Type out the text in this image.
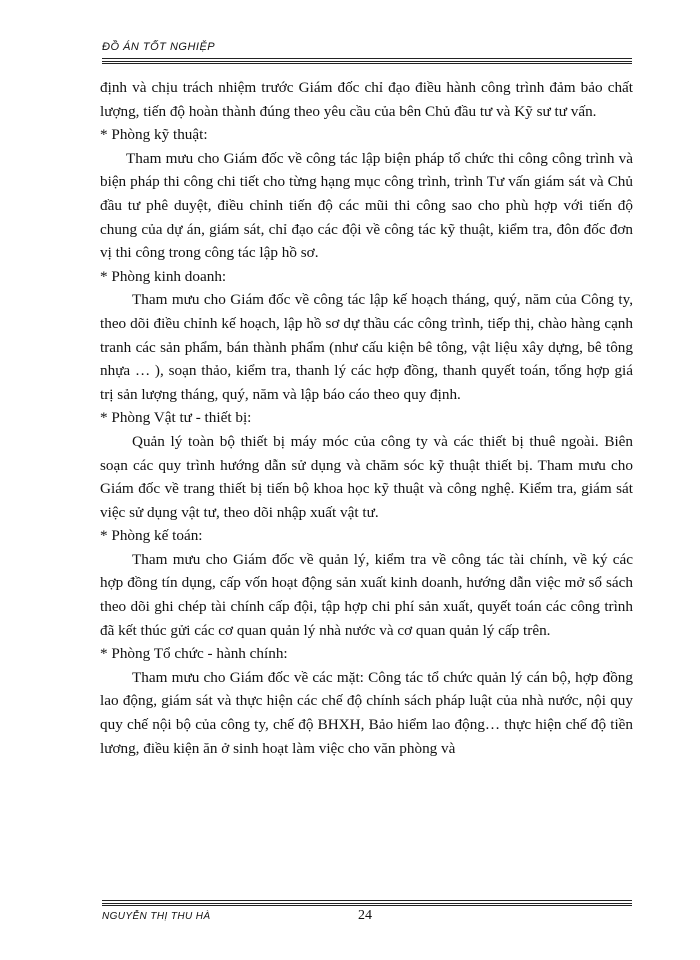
ĐỒ ÁN TỐT NGHIỆP

định và chịu trách nhiệm trước Giám đốc chỉ đạo điều hành công trình đảm bảo chất lượng, tiến độ hoàn thành đúng theo yêu cầu của bên Chủ đầu tư và Kỹ sư tư vấn.

* Phòng kỹ thuật:

Tham mưu cho Giám đốc về công tác lập biện pháp tổ chức thi công công trình và biện pháp thi công chi tiết cho từng hạng mục công trình, trình Tư vấn giám sát và Chủ đầu tư phê duyệt, điều chỉnh tiến độ các mũi thi công sao cho phù hợp với tiến độ chung của dự án, giám sát, chỉ đạo các đội về công tác kỹ thuật, kiểm tra, đôn đốc đơn vị thi công trong công tác lập hồ sơ.

* Phòng kinh doanh:

Tham mưu cho Giám đốc về công tác lập kế hoạch tháng, quý, năm của Công ty, theo dõi điều chỉnh kế hoạch, lập hồ sơ dự thầu các công trình, tiếp thị, chào hàng cạnh tranh các sản phẩm, bán thành phẩm (như cấu kiện bê tông, vật liệu xây dựng, bê tông nhựa … ), soạn thảo, kiểm tra, thanh lý các hợp đồng, thanh quyết toán, tổng hợp giá trị sản lượng tháng, quý, năm và lập báo cáo theo quy định.

* Phòng Vật tư - thiết bị:

Quản lý toàn bộ thiết bị máy móc của công ty và các thiết bị thuê ngoài. Biên soạn các quy trình hướng dẫn sử dụng và chăm sóc kỹ thuật thiết bị. Tham mưu cho Giám đốc về trang thiết bị tiến bộ khoa học kỹ thuật và công nghệ. Kiểm tra, giám sát việc sử dụng vật tư, theo dõi nhập xuất vật tư.

* Phòng kế toán:

Tham mưu cho Giám đốc về quản lý, kiểm tra về công tác tài chính, về ký các hợp đồng tín dụng, cấp vốn hoạt động sản xuất kinh doanh, hướng dẫn việc mở sổ sách theo dõi ghi chép tài chính cấp đội, tập hợp chi phí sản xuất, quyết toán các công trình đã kết thúc gửi các cơ quan quản lý nhà nước và cơ quan quản lý cấp trên.

* Phòng Tổ chức - hành chính:

Tham mưu cho Giám đốc về các mặt: Công tác tổ chức quản lý cán bộ, hợp đồng lao động, giám sát và thực hiện các chế độ chính sách pháp luật của nhà nước, nội quy quy chế nội bộ của công ty, chế độ BHXH, Bảo hiểm lao động… thực hiện chế độ tiền lương, điều kiện ăn ở sinh hoạt làm việc cho văn phòng và

NGUYỄN THỊ THU HÀ	24
